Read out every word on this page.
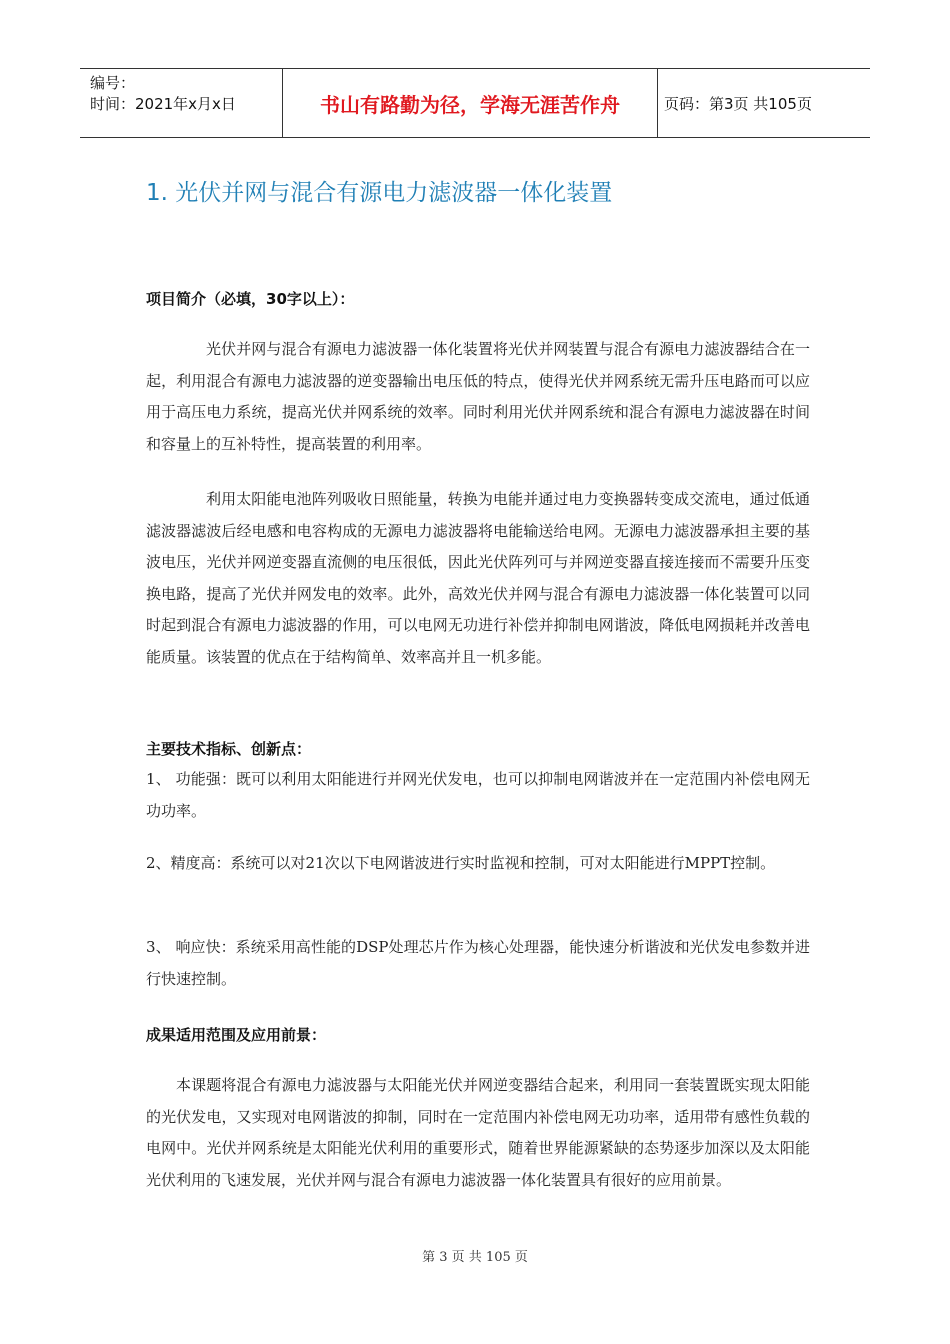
编号：
时间：2021年x月x日	书山有路勤为径，学海无涯苦作舟	页码：第3页 共105页
1. 光伏并网与混合有源电力滤波器一体化装置
项目简介（必填，30字以上）：
光伏并网与混合有源电力滤波器一体化装置将光伏并网装置与混合有源电力滤波器结合在一起，利用混合有源电力滤波器的逆变器输出电压低的特点，使得光伏并网系统无需升压电路而可以应用于高压电力系统，提高光伏并网系统的效率。同时利用光伏并网系统和混合有源电力滤波器在时间和容量上的互补特性，提高装置的利用率。
利用太阳能电池阵列吸收日照能量，转换为电能并通过电力变换器转变成交流电，通过低通滤波器滤波后经电感和电容构成的无源电力滤波器将电能输送给电网。无源电力滤波器承担主要的基波电压，光伏并网逆变器直流侧的电压很低，因此光伏阵列可与并网逆变器直接连接而不需要升压变换电路，提高了光伏并网发电的效率。此外，高效光伏并网与混合有源电力滤波器一体化装置可以同时起到混合有源电力滤波器的作用，可以电网无功进行补偿并抑制电网谐波，降低电网损耗并改善电能质量。该装置的优点在于结构简单、效率高并且一机多能。
主要技术指标、创新点：
1、 功能强：既可以利用太阳能进行并网光伏发电，也可以抑制电网谐波并在一定范围内补偿电网无功功率。
2、精度高：系统可以对21次以下电网谐波进行实时监视和控制，可对太阳能进行MPPT控制。
3、 响应快：系统采用高性能的DSP处理芯片作为核心处理器，能快速分析谐波和光伏发电参数并进行快速控制。
成果适用范围及应用前景：
本课题将混合有源电力滤波器与太阳能光伏并网逆变器结合起来，利用同一套装置既实现太阳能的光伏发电，又实现对电网谐波的抑制，同时在一定范围内补偿电网无功功率，适用带有感性负载的电网中。光伏并网系统是太阳能光伏利用的重要形式，随着世界能源紧缺的态势逐步加深以及太阳能光伏利用的飞速发展，光伏并网与混合有源电力滤波器一体化装置具有很好的应用前景。
第 3 页 共 105 页
